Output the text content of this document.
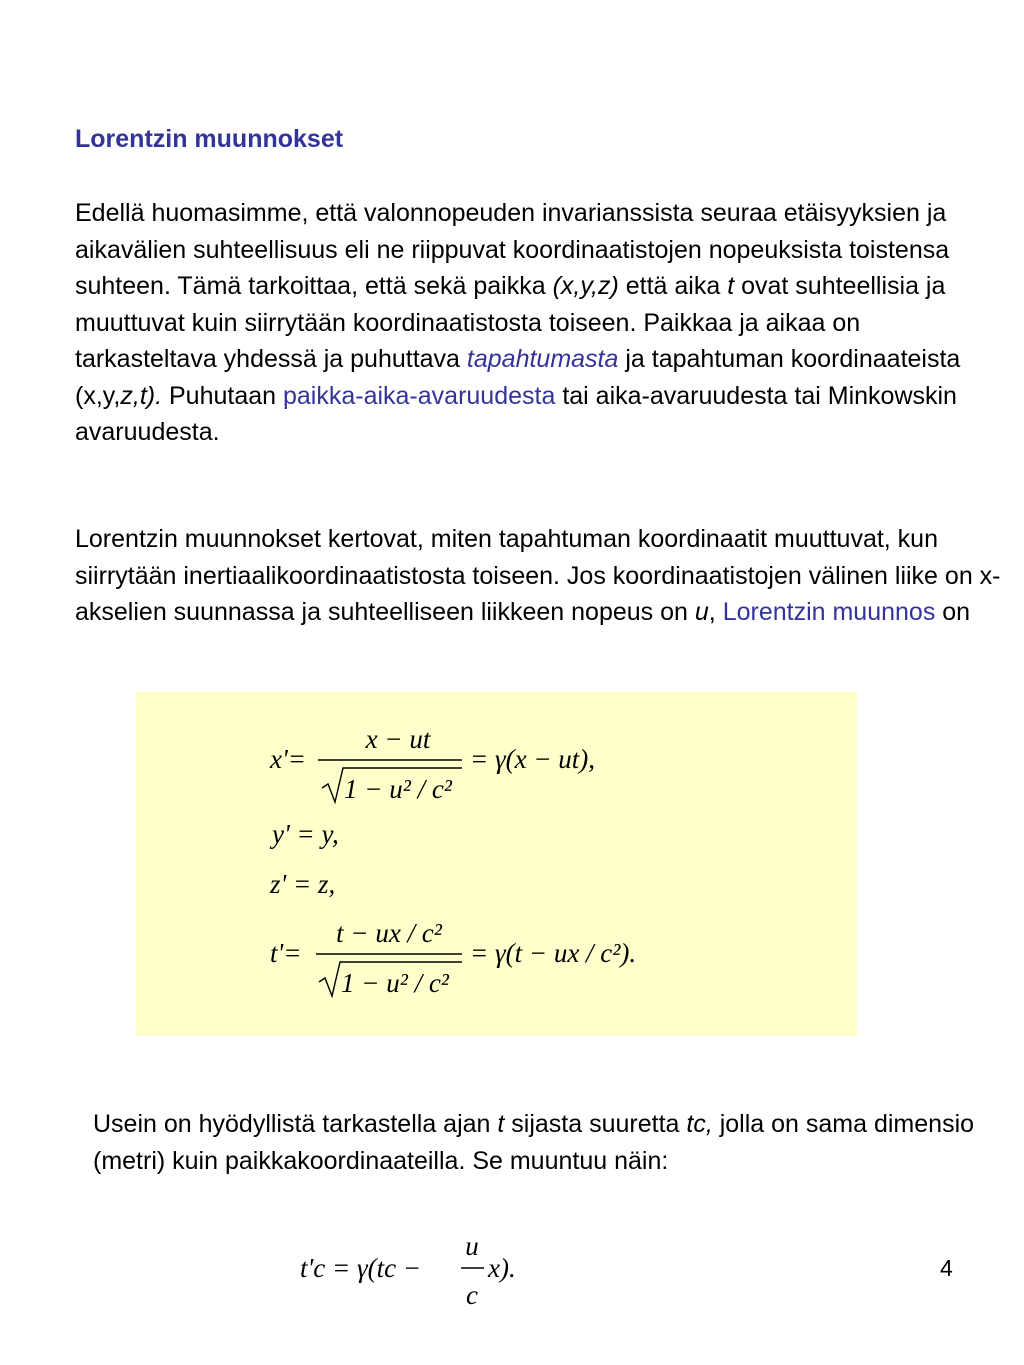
Lorentzin muunnokset

Edellä huomasimme, että valonnopeuden invarianssista seuraa etäisyyksien ja aikavälien suhteellisuus eli ne riippuvat koordinaatistojen nopeuksista toistensa suhteen. Tämä tarkoittaa, että sekä paikka (x,y,z) että aika t ovat suhteellisia ja muuttuvat kuin siirrytään koordinaatistosta toiseen. Paikkaa ja aikaa on tarkasteltava yhdessä ja puhuttava tapahtumasta ja tapahtuman koordinaateista (x,y,z,t). Puhutaan paikka-aika-avaruudesta tai aika-avaruudesta tai Minkowskin avaruudesta.

Lorentzin muunnokset kertovat, miten tapahtuman koordinaatit muuttuvat, kun siirrytään inertiaalikoordinaatistosta toiseen. Jos koordinaatistojen välinen liike on x-akselien suunnassa ja suhteelliseen liikkeen nopeus on u, Lorentzin muunnos on

x'=
x − ut
1 − u² / c²
= γ(x − ut),
y' = y,
z' = z,
t'=
t − ux / c²
1 − u² / c²
= γ(t − ux / c²).

Usein on hyödyllistä tarkastella ajan t sijasta suuretta tc, jolla on sama dimensio (metri) kuin paikkakoordinaateilla. Se muuntuu näin:

t'c = γ(tc −
u
c
x).	4
